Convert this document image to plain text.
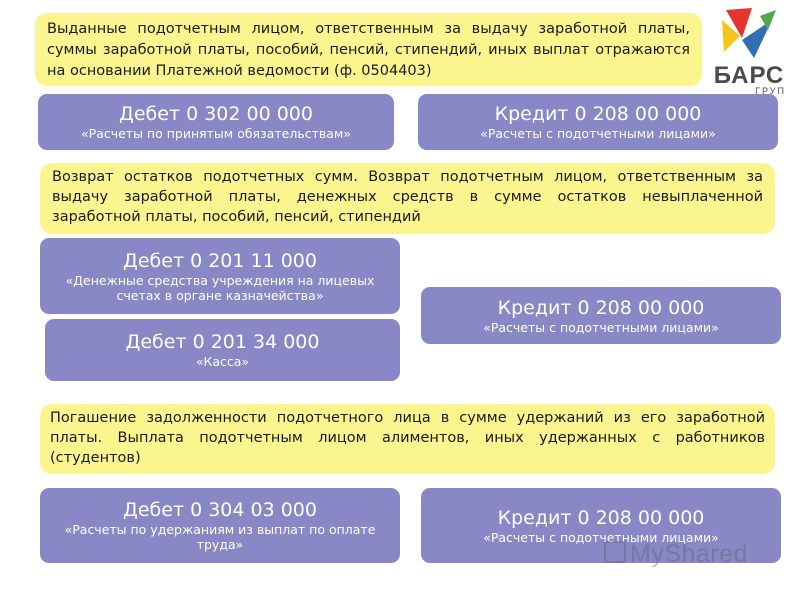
Выданные подотчетным лицом, ответственным за выдачу заработной платы, суммы заработной платы, пособий, пенсий, стипендий, иных выплат отражаются на основании Платежной ведомости (ф. 0504403)
Дебет 0 302 00 000
«Расчеты по принятым обязательствам»
Кредит 0 208 00 000
«Расчеты с подотчетными лицами»
Возврат остатков подотчетных сумм. Возврат подотчетным лицом, ответственным за выдачу заработной платы, денежных средств в сумме остатков невыплаченной заработной платы, пособий, пенсий, стипендий
Дебет 0 201 11 000
«Денежные средства учреждения на лицевых счетах в органе казначейства»
Кредит 0 208 00 000
«Расчеты с подотчетными лицами»
Дебет 0 201 34 000
«Касса»
Погашение задолженности подотчетного лица в сумме удержаний из его заработной платы. Выплата подотчетным лицом алиментов, иных удержанных с работников (студентов)
Дебет 0 304 03 000
«Расчеты по удержаниям из выплат по оплате труда»
Кредит 0 208 00 000
«Расчеты с подотчетными лицами»
БАРС
ГРУП
MyShared
